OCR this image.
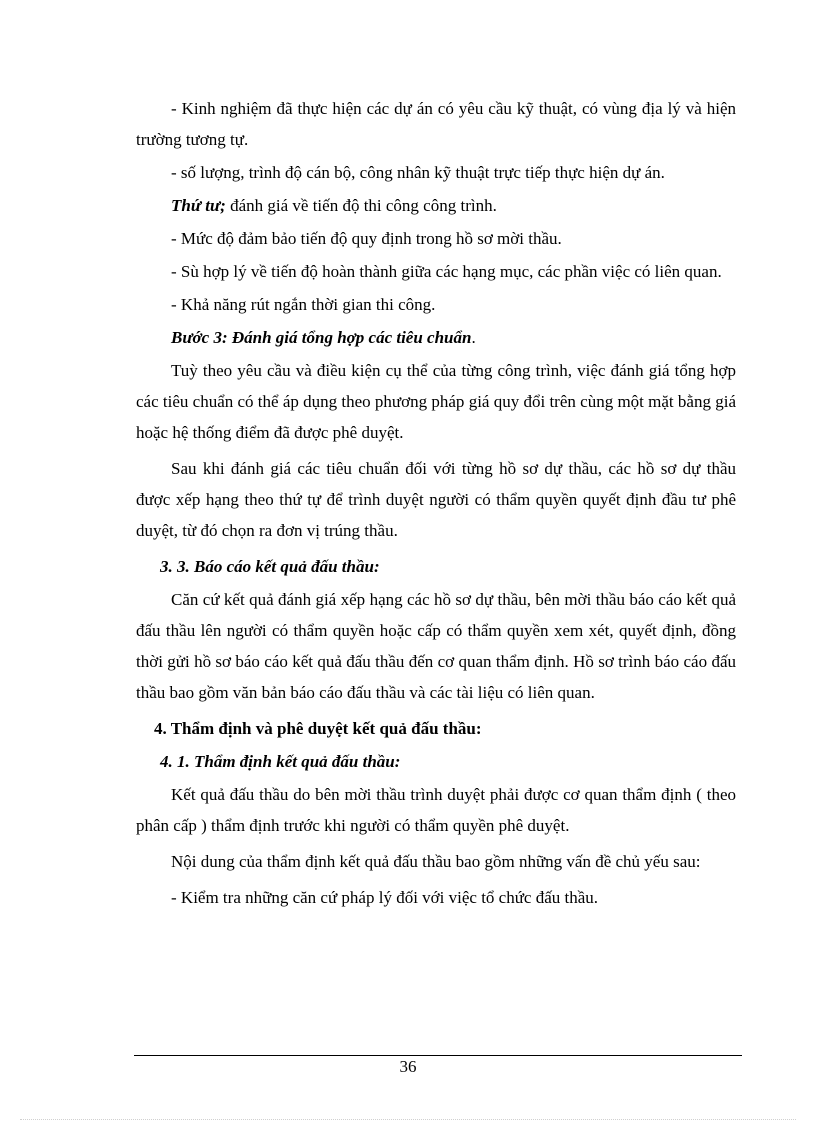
- Kinh nghiệm đã thực hiện các dự án có yêu cầu kỹ thuật, có vùng địa lý và hiện trường tương tự.

- số lượng, trình độ cán bộ, công nhân kỹ thuật trực tiếp thực hiện dự án.

Thứ tư; đánh giá về tiến độ thi công công trình.

- Mức độ đảm bảo tiến độ quy định trong hồ sơ mời thầu.

- Sù hợp lý về tiến độ hoàn thành giữa các hạng mục, các phần việc có liên quan.

- Khả năng rút ngắn thời gian thi công.

Bước 3: Đánh giá tổng hợp các tiêu chuẩn.

Tuỳ theo yêu cầu và điều kiện cụ thể của từng công trình, việc đánh giá tổng hợp các tiêu chuẩn có thể áp dụng theo phương pháp giá quy đổi trên cùng một mặt bằng giá hoặc hệ thống điểm đã được phê duyệt.

Sau khi đánh giá các tiêu chuẩn đối với từng hồ sơ dự thầu, các hồ sơ dự thầu được xếp hạng theo thứ tự để trình duyệt người có thẩm quyền quyết định đầu tư phê duyệt, từ đó chọn ra đơn vị trúng thầu.

3. 3. Báo cáo kết quả đấu thầu:

Căn cứ kết quả đánh giá xếp hạng các hồ sơ dự thầu, bên mời thầu báo cáo kết quả đấu thầu lên người có thẩm quyền hoặc cấp có thẩm quyền xem xét, quyết định, đồng thời gửi hồ sơ báo cáo kết quả đấu thầu đến cơ quan thẩm định. Hồ sơ trình báo cáo đấu thầu bao gồm văn bản báo cáo đấu thầu và các tài liệu có liên quan.

4. Thẩm định và phê duyệt kết quả đấu thầu:

4. 1. Thẩm định kết quả đấu thầu:

Kết quả đấu thầu do bên mời thầu trình duyệt phải được cơ quan thẩm định ( theo phân cấp ) thẩm định trước khi người có thẩm quyền phê duyệt.

Nội dung của thẩm định kết quả đấu thầu bao gồm những vấn đề chủ yếu sau:

- Kiểm tra những căn cứ pháp lý đối với việc tổ chức đấu thầu.

36
